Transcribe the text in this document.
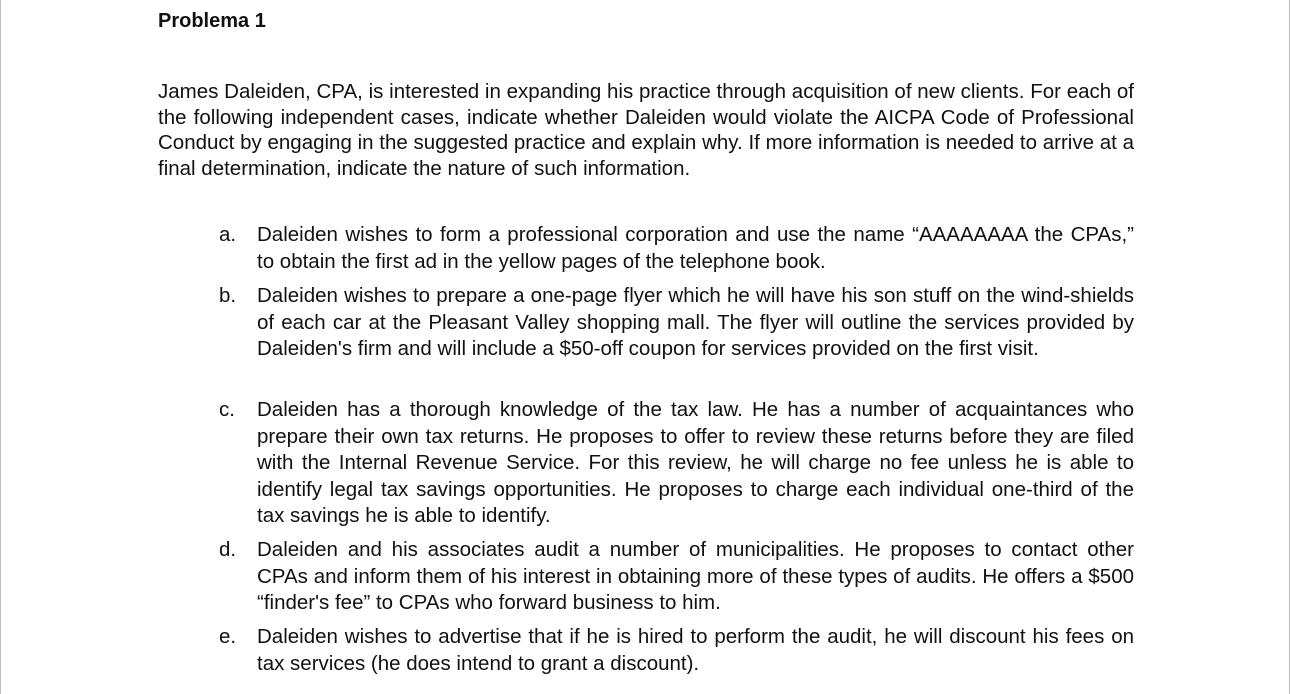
Problema 1

James Daleiden, CPA, is interested in expanding his practice through acquisition of new clients. For each of the following independent cases, indicate whether Daleiden would violate the AICPA Code of Professional Conduct by engaging in the suggested practice and explain why. If more information is needed to arrive at a final determination, indicate the nature of such information.

a.	Daleiden wishes to form a professional corporation and use the name “AAAAAAAA the CPAs,” to obtain the first ad in the yellow pages of the telephone book.
b.	Daleiden wishes to prepare a one-page flyer which he will have his son stuff on the wind-shields of each car at the Pleasant Valley shopping mall. The flyer will outline the services provided by Daleiden's firm and will include a $50-off coupon for services provided on the first visit.
c.	Daleiden has a thorough knowledge of the tax law. He has a number of acquaintances who prepare their own tax returns. He proposes to offer to review these returns before they are filed with the Internal Revenue Service. For this review, he will charge no fee unless he is able to identify legal tax savings opportunities. He proposes to charge each individual one-third of the tax savings he is able to identify.
d.	Daleiden and his associates audit a number of municipalities. He proposes to contact other CPAs and inform them of his interest in obtaining more of these types of audits. He offers a $500 “finder's fee” to CPAs who forward business to him.
e.	Daleiden wishes to advertise that if he is hired to perform the audit, he will discount his fees on tax services (he does intend to grant a discount).
